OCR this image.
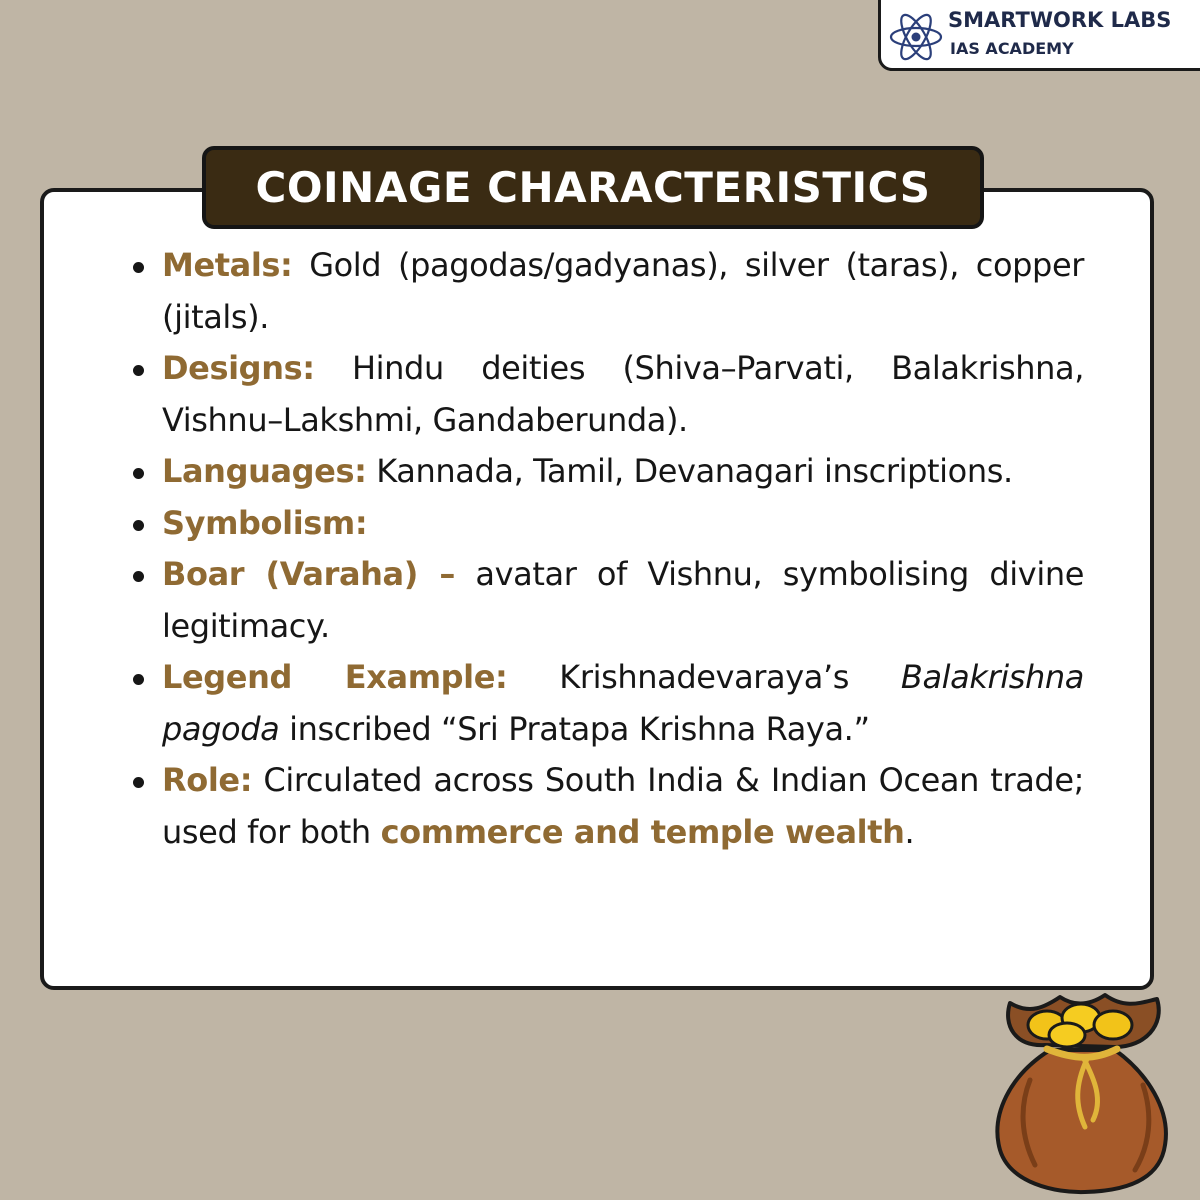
SMARTWORK LABS
IAS ACADEMY
COINAGE CHARACTERISTICS
Metals: Gold (pagodas/gadyanas), silver (taras), copper (jitals).
Designs: Hindu deities (Shiva–Parvati, Balakrishna, Vishnu–Lakshmi, Gandaberunda).
Languages: Kannada, Tamil, Devanagari inscriptions.
Symbolism:
Boar (Varaha) – avatar of Vishnu, symbolising divine legitimacy.
Legend Example: Krishnadevaraya’s Balakrishna pagoda inscribed “Sri Pratapa Krishna Raya.”
Role: Circulated across South India & Indian Ocean trade; used for both commerce and temple wealth.
